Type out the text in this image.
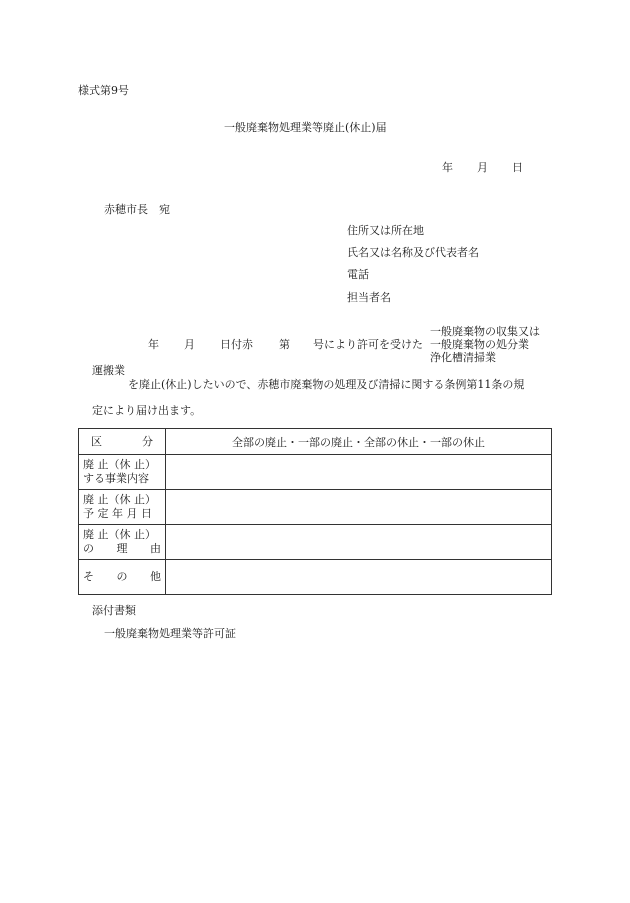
様式第9号
一般廃棄物処理業等廃止(休止)届
年 月 日
赤穂市長　宛
住所又は所在地
氏名又は名称及び代表者名
電話
担当者名
年 月 日付赤 第 号により許可を受けた
一般廃棄物の収集又は
一般廃棄物の処分業
浄化槽清掃業
運搬業
を廃止(休止)したいので、赤穂市廃棄物の処理及び清掃に関する条例第11条の規
定により届け出ます。
区 分	全部の廃止・一部の廃止・全部の休止・一部の休止

廃 止（休 止）
する事業内容	

廃 止（休 止）
予 定 年 月 日	

廃 止（休 止）
の 理 由	

そ の 他	

添付書類
一般廃棄物処理業等許可証
